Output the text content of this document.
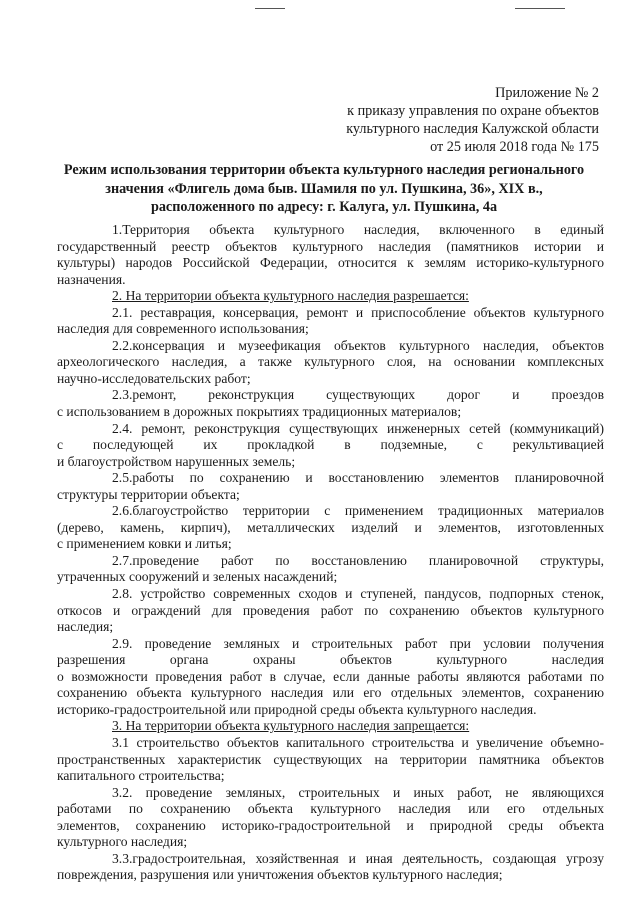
Приложение № 2
к приказу управления по охране объектов
культурного наследия Калужской области
от 25 июля 2018 года № 175
Режим использования территории объекта культурного наследия регионального
значения «Флигель дома быв. Шамиля по ул. Пушкина, 36», XIX в.,
расположенного по адресу: г. Калуга, ул. Пушкина, 4а
1.Территория объекта культурного наследия, включенного в единый
государственный реестр объектов культурного наследия (памятников истории и
культуры) народов Российской Федерации, относится к землям историко-культурного
назначения.
2. На территории объекта культурного наследия разрешается:
2.1. реставрация, консервация, ремонт и приспособление объектов культурного
наследия для современного использования;
2.2.консервация и музеефикация объектов культурного наследия, объектов
археологического наследия, а также культурного слоя, на основании комплексных
научно-исследовательских работ;
2.3.ремонт, реконструкция существующих дорог и проездов
с использованием в дорожных покрытиях традиционных материалов;
2.4. ремонт, реконструкция существующих инженерных сетей (коммуникаций)
с последующей их прокладкой в подземные, с рекультивацией
и благоустройством нарушенных земель;
2.5.работы по сохранению и восстановлению элементов планировочной
структуры территории объекта;
2.6.благоустройство территории с применением традиционных материалов
(дерево, камень, кирпич), металлических изделий и элементов, изготовленных
с применением ковки и литья;
2.7.проведение работ по восстановлению планировочной структуры,
утраченных сооружений и зеленых насаждений;
2.8. устройство современных сходов и ступеней, пандусов, подпорных стенок,
откосов и ограждений для проведения работ по сохранению объектов культурного
наследия;
2.9. проведение земляных и строительных работ при условии получения
разрешения органа охраны объектов культурного наследия
о возможности проведения работ в случае, если данные работы являются работами по
сохранению объекта культурного наследия или его отдельных элементов, сохранению
историко-градостроительной или природной среды объекта культурного наследия.
3. На территории объекта культурного наследия запрещается:
3.1 строительство объектов капитального строительства и увеличение объемно-
пространственных характеристик существующих на территории памятника объектов
капитального строительства;
3.2. проведение земляных, строительных и иных работ, не являющихся
работами по сохранению объекта культурного наследия или его отдельных
элементов, сохранению историко-градостроительной и природной среды объекта
культурного наследия;
3.3.градостроительная, хозяйственная и иная деятельность, создающая угрозу
повреждения, разрушения или уничтожения объектов культурного наследия;
